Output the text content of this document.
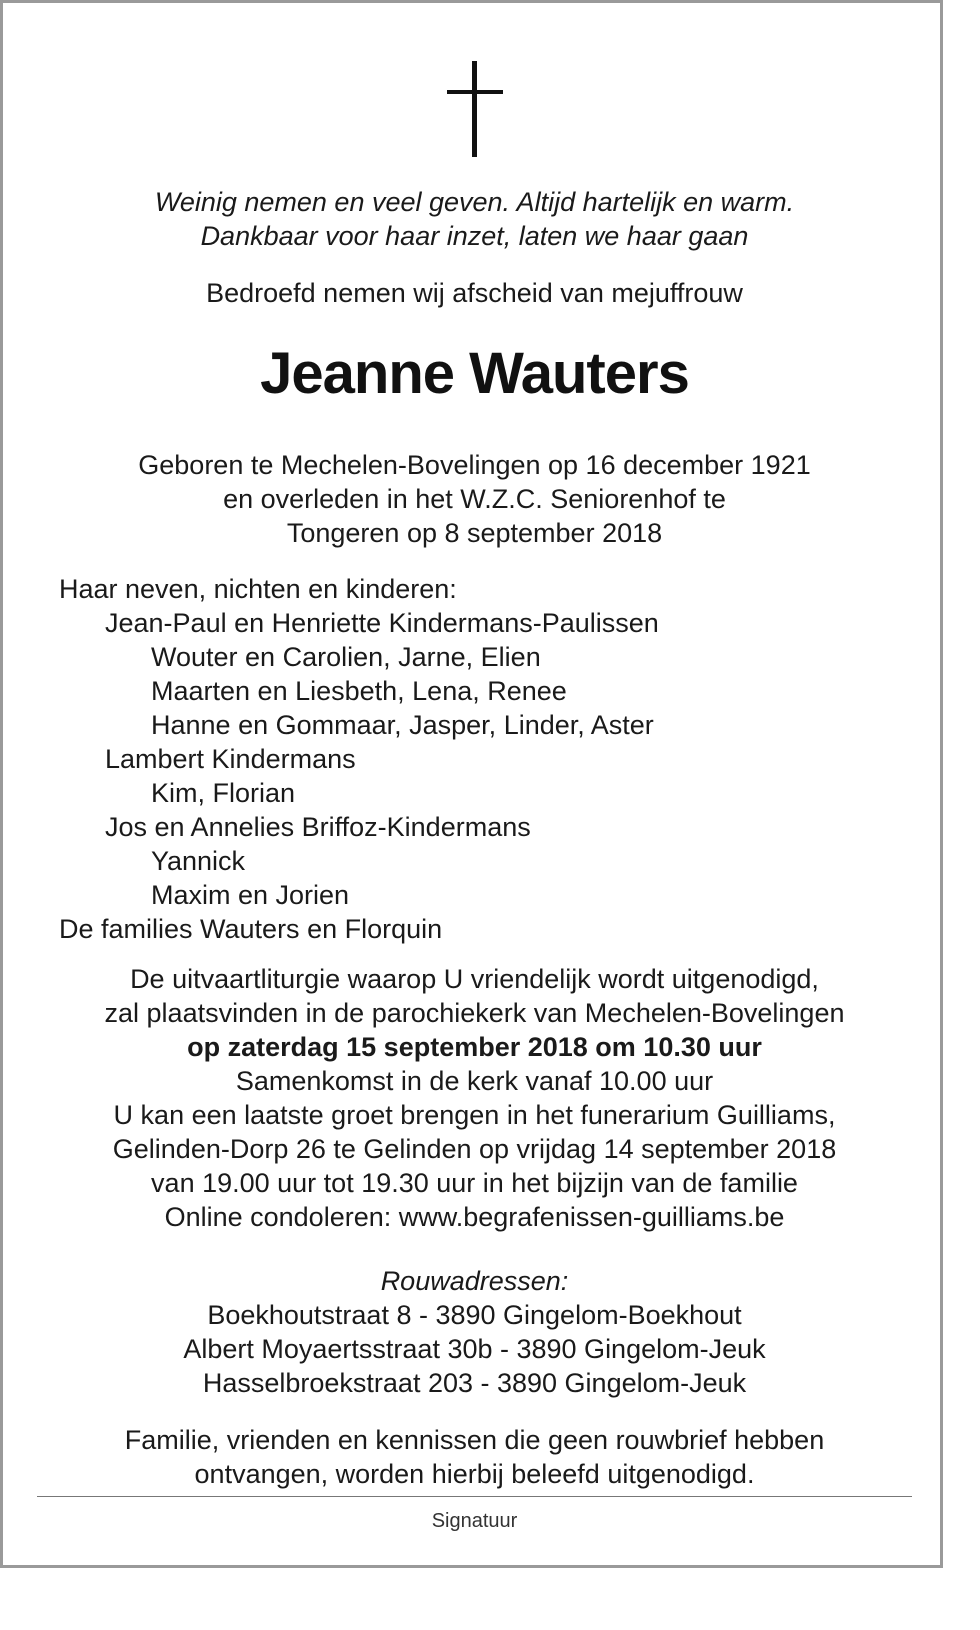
Weinig nemen en veel geven. Altijd hartelijk en warm.
Dankbaar voor haar inzet, laten we haar gaan
Bedroefd nemen wij afscheid van mejuffrouw
Jeanne Wauters
Geboren te Mechelen-Bovelingen op 16 december 1921
en overleden in het W.Z.C. Seniorenhof te
Tongeren op 8 september 2018
Haar neven, nichten en kinderen:
Jean-Paul en Henriette Kindermans-Paulissen
Wouter en Carolien, Jarne, Elien
Maarten en Liesbeth, Lena, Renee
Hanne en Gommaar, Jasper, Linder, Aster
Lambert Kindermans
Kim, Florian
Jos en Annelies Briffoz-Kindermans
Yannick
Maxim en Jorien
De families Wauters en Florquin
De uitvaartliturgie waarop U vriendelijk wordt uitgenodigd,
zal plaatsvinden in de parochiekerk van Mechelen-Bovelingen
op zaterdag 15 september 2018 om 10.30 uur
Samenkomst in de kerk vanaf 10.00 uur
U kan een laatste groet brengen in het funerarium Guilliams,
Gelinden-Dorp 26 te Gelinden op vrijdag 14 september 2018
van 19.00 uur tot 19.30 uur in het bijzijn van de familie
Online condoleren: www.begrafenissen-guilliams.be
Rouwadressen:
Boekhoutstraat 8 - 3890 Gingelom-Boekhout
Albert Moyaertsstraat 30b - 3890 Gingelom-Jeuk
Hasselbroekstraat 203 - 3890 Gingelom-Jeuk
Familie, vrienden en kennissen die geen rouwbrief hebben
ontvangen, worden hierbij beleefd uitgenodigd.
Signatuur
